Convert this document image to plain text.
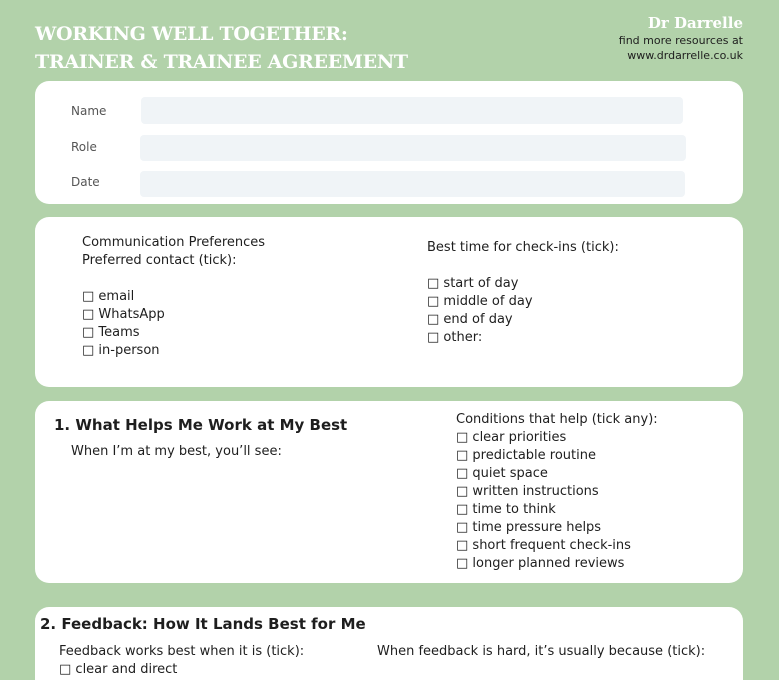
WORKING WELL TOGETHER:
TRAINER & TRAINEE AGREEMENT
Dr Darrelle
find more resources at
www.drdarrelle.co.uk
Name
Role
Date
Communication Preferences
Preferred contact (tick):
□ email
□ WhatsApp
□ Teams
□ in-person
Best time for check-ins (tick):
□ start of day
□ middle of day
□ end of day
□ other:
1. What Helps Me Work at My Best
When I’m at my best, you’ll see:
Conditions that help (tick any):
□ clear priorities
□ predictable routine
□ quiet space
□ written instructions
□ time to think
□ time pressure helps
□ short frequent check-ins
□ longer planned reviews
2. Feedback: How It Lands Best for Me
Feedback works best when it is (tick):
□ clear and direct
When feedback is hard, it’s usually because (tick):
